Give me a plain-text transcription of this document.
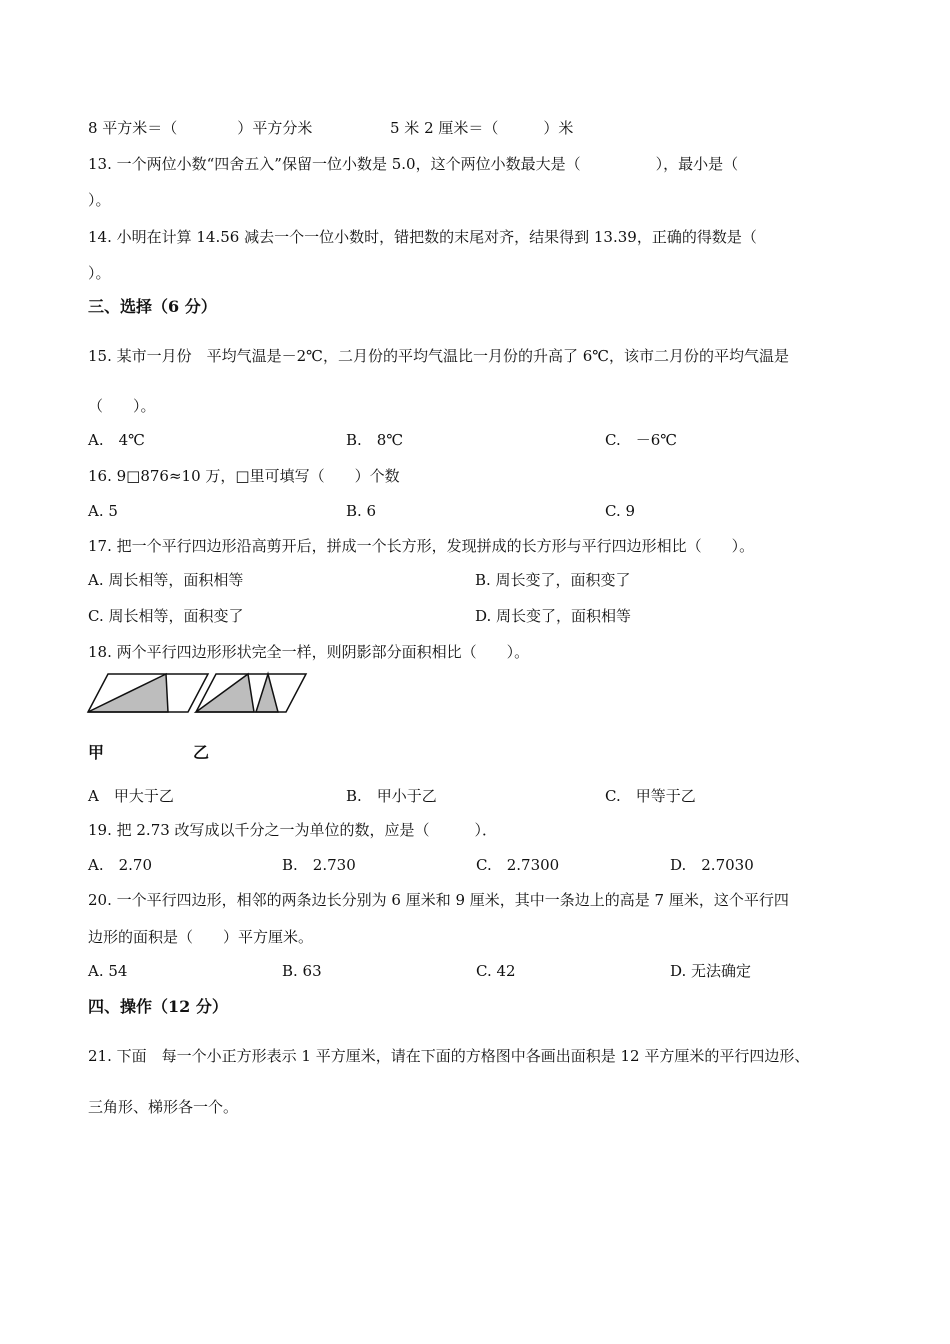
8 平方米＝（　　　　）平方分米	5 米 2 厘米＝（　　　）米
13. 一个两位小数“四舍五入”保留一位小数是 5.0，这个两位小数最大是（　　　　　），最小是（
）。
14. 小明在计算 14.56 减去一个一位小数时，错把数的末尾对齐，结果得到 13.39，正确的得数是（
）。
三、选择（6 分）
15. 某市一月份　平均气温是－2℃，二月份的平均气温比一月份的升高了 6℃，该市二月份的平均气温是
（　　）。
A.　4℃	B.　8℃	C.　－6℃
16. 9□876≈10 万，□里可填写（　　）个数
A. 5	B. 6	C. 9
17. 把一个平行四边形沿高剪开后，拼成一个长方形，发现拼成的长方形与平行四边形相比（　　）。
A. 周长相等，面积相等	B. 周长变了，面积变了
C. 周长相等，面积变了	D. 周长变了，面积相等
18. 两个平行四边形形状完全一样，则阴影部分面积相比（　　）。
甲	乙
A　甲大于乙	B.　甲小于乙	C.　甲等于乙
19. 把 2.73 改写成以千分之一为单位的数，应是（　　　）．
A.　2.70	B.　2.730	C.　2.7300	D.　2.7030
20. 一个平行四边形，相邻的两条边长分别为 6 厘米和 9 厘米，其中一条边上的高是 7 厘米，这个平行四
边形的面积是（　　）平方厘米。
A. 54	B. 63	C. 42	D. 无法确定
四、操作（12 分）
21. 下面　每一个小正方形表示 1 平方厘米，请在下面的方格图中各画出面积是 12 平方厘米的平行四边形、
三角形、梯形各一个。
